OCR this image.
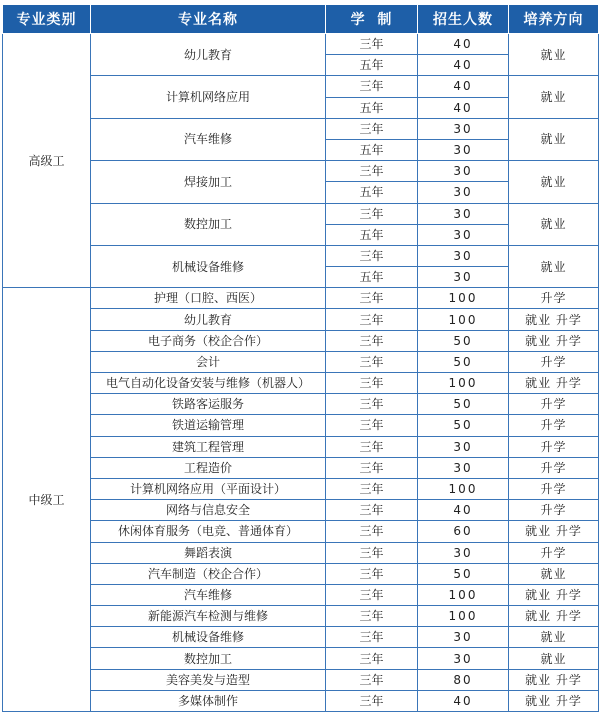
专业类别	专业名称	学  制	招生人数	培养方向
高级工	幼儿教育	三年	40	就业
		五年	40	
	计算机网络应用	三年	40	就业
		五年	40	
	汽车维修	三年	30	就业
		五年	30	
	焊接加工	三年	30	就业
		五年	30	
	数控加工	三年	30	就业
		五年	30	
	机械设备维修	三年	30	就业
		五年	30	
中级工	护理（口腔、西医）	三年	100	升学
	幼儿教育	三年	100	就业 升学
	电子商务（校企合作）	三年	50	就业 升学
	会计	三年	50	升学
	电气自动化设备安装与维修（机器人）	三年	100	就业 升学
	铁路客运服务	三年	50	升学
	铁道运输管理	三年	50	升学
	建筑工程管理	三年	30	升学
	工程造价	三年	30	升学
	计算机网络应用（平面设计）	三年	100	升学
	网络与信息安全	三年	40	升学
	休闲体育服务（电竞、普通体育）	三年	60	就业 升学
	舞蹈表演	三年	30	升学
	汽车制造（校企合作）	三年	50	就业
	汽车维修	三年	100	就业 升学
	新能源汽车检测与维修	三年	100	就业 升学
	机械设备维修	三年	30	就业
	数控加工	三年	30	就业
	美容美发与造型	三年	80	就业 升学
	多媒体制作	三年	40	就业 升学
